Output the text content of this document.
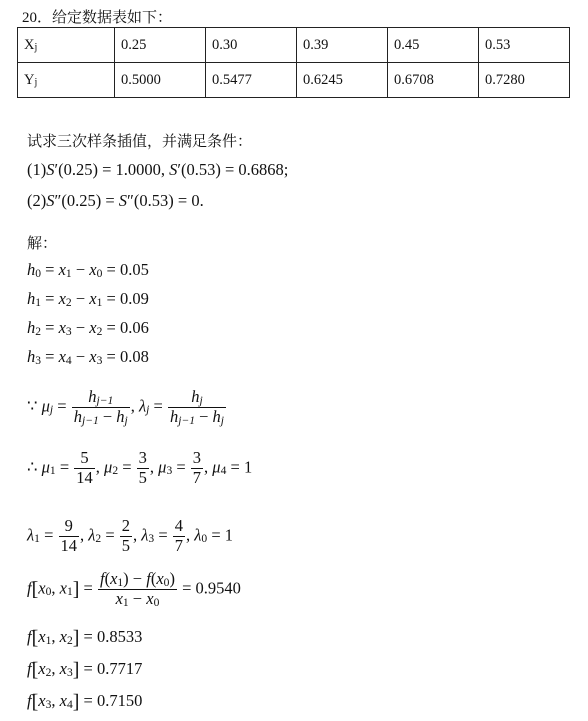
20．给定数据表如下：
$X_j$	0.25	0.30	0.39	0.45	0.53
$Y_j$	0.5000	0.5477	0.6245	0.6708	0.7280
试求三次样条插值，并满足条件：
(1)S′(0.25) = 1.0000, S′(0.53) = 0.6868;
(2)S″(0.25) = S″(0.53) = 0.
解：
$h_0 = x_1 - x_0 = 0.05$
$h_1 = x_2 - x_1 = 0.09$
$h_2 = x_3 - x_2 = 0.06$
$h_3 = x_4 - x_3 = 0.08$
∵ $\mu_j = \frac{h_{j-1}}{h_{j-1} - h_j}$ , $\lambda_j = \frac{h_j}{h_{j-1} - h_j}$
∴ $\mu_1 = \frac{5}{14}$ , $\mu_2 = \frac{3}{5}$ , $\mu_3 = \frac{3}{7}$ , $\mu_4 = 1$
$\lambda_1 = \frac{9}{14}$ , $\lambda_2 = \frac{2}{5}$ , $\lambda_3 = \frac{4}{7}$ , $\lambda_0 = 1$
$f[x_0$, $x_1] = \frac{f(x_1) - f(x_0)}{x_1 - x_0} = 0.9540$
$f[x_1$, $x_2] = 0.8533$
$f[x_2$, $x_3] = 0.7717$
$f[x_3$, $x_4] = 0.7150$
